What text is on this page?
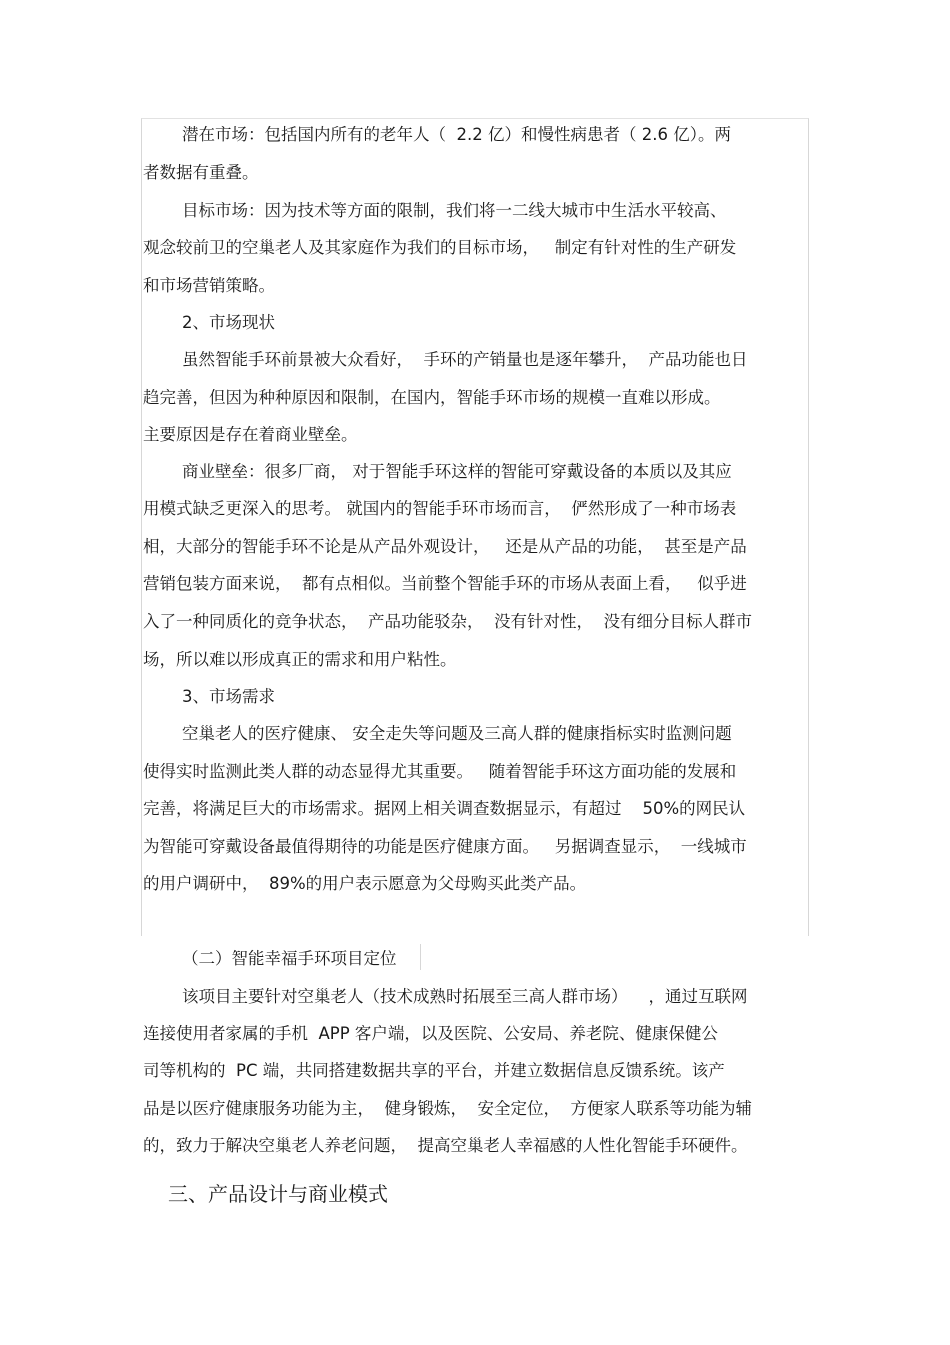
潜在市场：包括国内所有的老年人（  2.2 亿）和慢性病患者（ 2.6 亿）。两
者数据有重叠。
目标市场：因为技术等方面的限制，我们将一二线大城市中生活水平较高、
观念较前卫的空巢老人及其家庭作为我们的目标市场，   制定有针对性的生产研发
和市场营销策略。
2、市场现状
虽然智能手环前景被大众看好，  手环的产销量也是逐年攀升，  产品功能也日
趋完善，但因为种种原因和限制，在国内，智能手环市场的规模一直难以形成。
主要原因是存在着商业壁垒。
商业壁垒：很多厂商， 对于智能手环这样的智能可穿戴设备的本质以及其应
用模式缺乏更深入的思考。 就国内的智能手环市场而言，  俨然形成了一种市场表
相，大部分的智能手环不论是从产品外观设计，   还是从产品的功能，  甚至是产品
营销包装方面来说，  都有点相似。当前整个智能手环的市场从表面上看，   似乎进
入了一种同质化的竞争状态，  产品功能驳杂，  没有针对性，  没有细分目标人群市
场，所以难以形成真正的需求和用户粘性。
3、市场需求
空巢老人的医疗健康、 安全走失等问题及三高人群的健康指标实时监测问题
使得实时监测此类人群的动态显得尤其重要。   随着智能手环这方面功能的发展和
完善，将满足巨大的市场需求。据网上相关调查数据显示，有超过    50%的网民认
为智能可穿戴设备最值得期待的功能是医疗健康方面。   另据调查显示，  一线城市
的用户调研中，  89%的用户表示愿意为父母购买此类产品。
（二）智能幸福手环项目定位
该项目主要针对空巢老人（技术成熟时拓展至三高人群市场）    ，通过互联网
连接使用者家属的手机  APP 客户端，以及医院、公安局、养老院、健康保健公
司等机构的  PC 端，共同搭建数据共享的平台，并建立数据信息反馈系统。该产
品是以医疗健康服务功能为主，  健身锻炼，  安全定位，  方便家人联系等功能为辅
的，致力于解决空巢老人养老问题，  提高空巢老人幸福感的人性化智能手环硬件。
三、产品设计与商业模式
